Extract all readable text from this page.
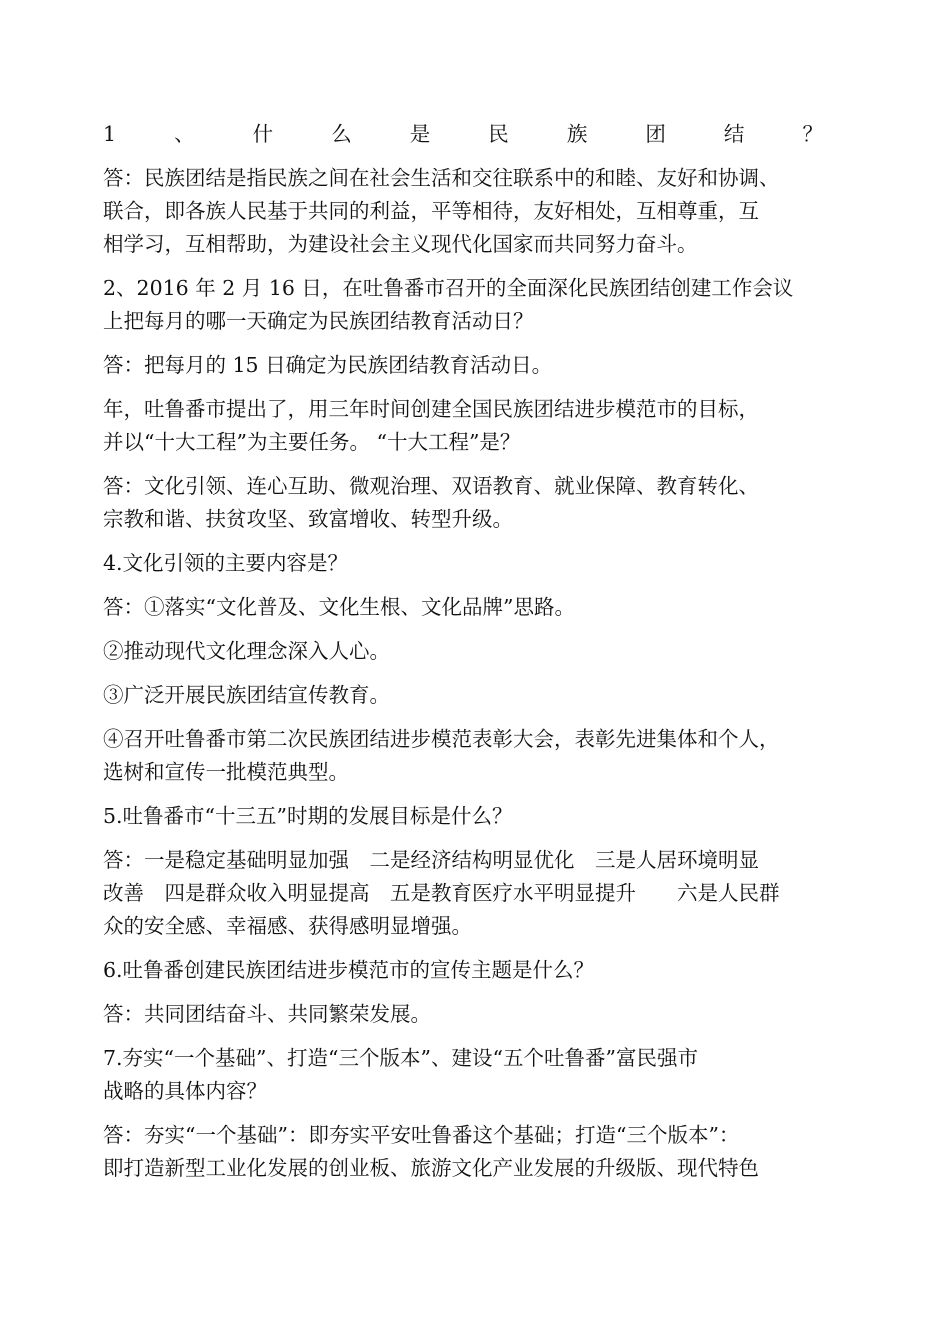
1	、	什	么	是	民	族	团	结	？
答：民族团结是指民族之间在社会生活和交往联系中的和睦、友好和协调、
联合，即各族人民基于共同的利益，平等相待，友好相处，互相尊重，互
相学习，互相帮助，为建设社会主义现代化国家而共同努力奋斗。
2、2016 年 2 月 16 日，在吐鲁番市召开的全面深化民族团结创建工作会议
上把每月的哪一天确定为民族团结教育活动日？
答：把每月的 15 日确定为民族团结教育活动日。
年，吐鲁番市提出了，用三年时间创建全国民族团结进步模范市的目标，
并以“十大工程”为主要任务。 “十大工程”是？
答：文化引领、连心互助、微观治理、双语教育、就业保障、教育转化、
宗教和谐、扶贫攻坚、致富增收、转型升级。
4.文化引领的主要内容是？
答：①落实“文化普及、文化生根、文化品牌”思路。
②推动现代文化理念深入人心。
③广泛开展民族团结宣传教育。
④召开吐鲁番市第二次民族团结进步模范表彰大会，表彰先进集体和个人，
选树和宣传一批模范典型。
5.吐鲁番市“十三五”时期的发展目标是什么？
答：一是稳定基础明显加强　二是经济结构明显优化　三是人居环境明显
改善　四是群众收入明显提高　五是教育医疗水平明显提升　　六是人民群
众的安全感、幸福感、获得感明显增强。
6.吐鲁番创建民族团结进步模范市的宣传主题是什么？
答：共同团结奋斗、共同繁荣发展。
7.夯实“一个基础”、打造“三个版本”、建设“五个吐鲁番”富民强市
战略的具体内容？
答：夯实“一个基础”：即夯实平安吐鲁番这个基础；打造“三个版本”：
即打造新型工业化发展的创业板、旅游文化产业发展的升级版、现代特色
